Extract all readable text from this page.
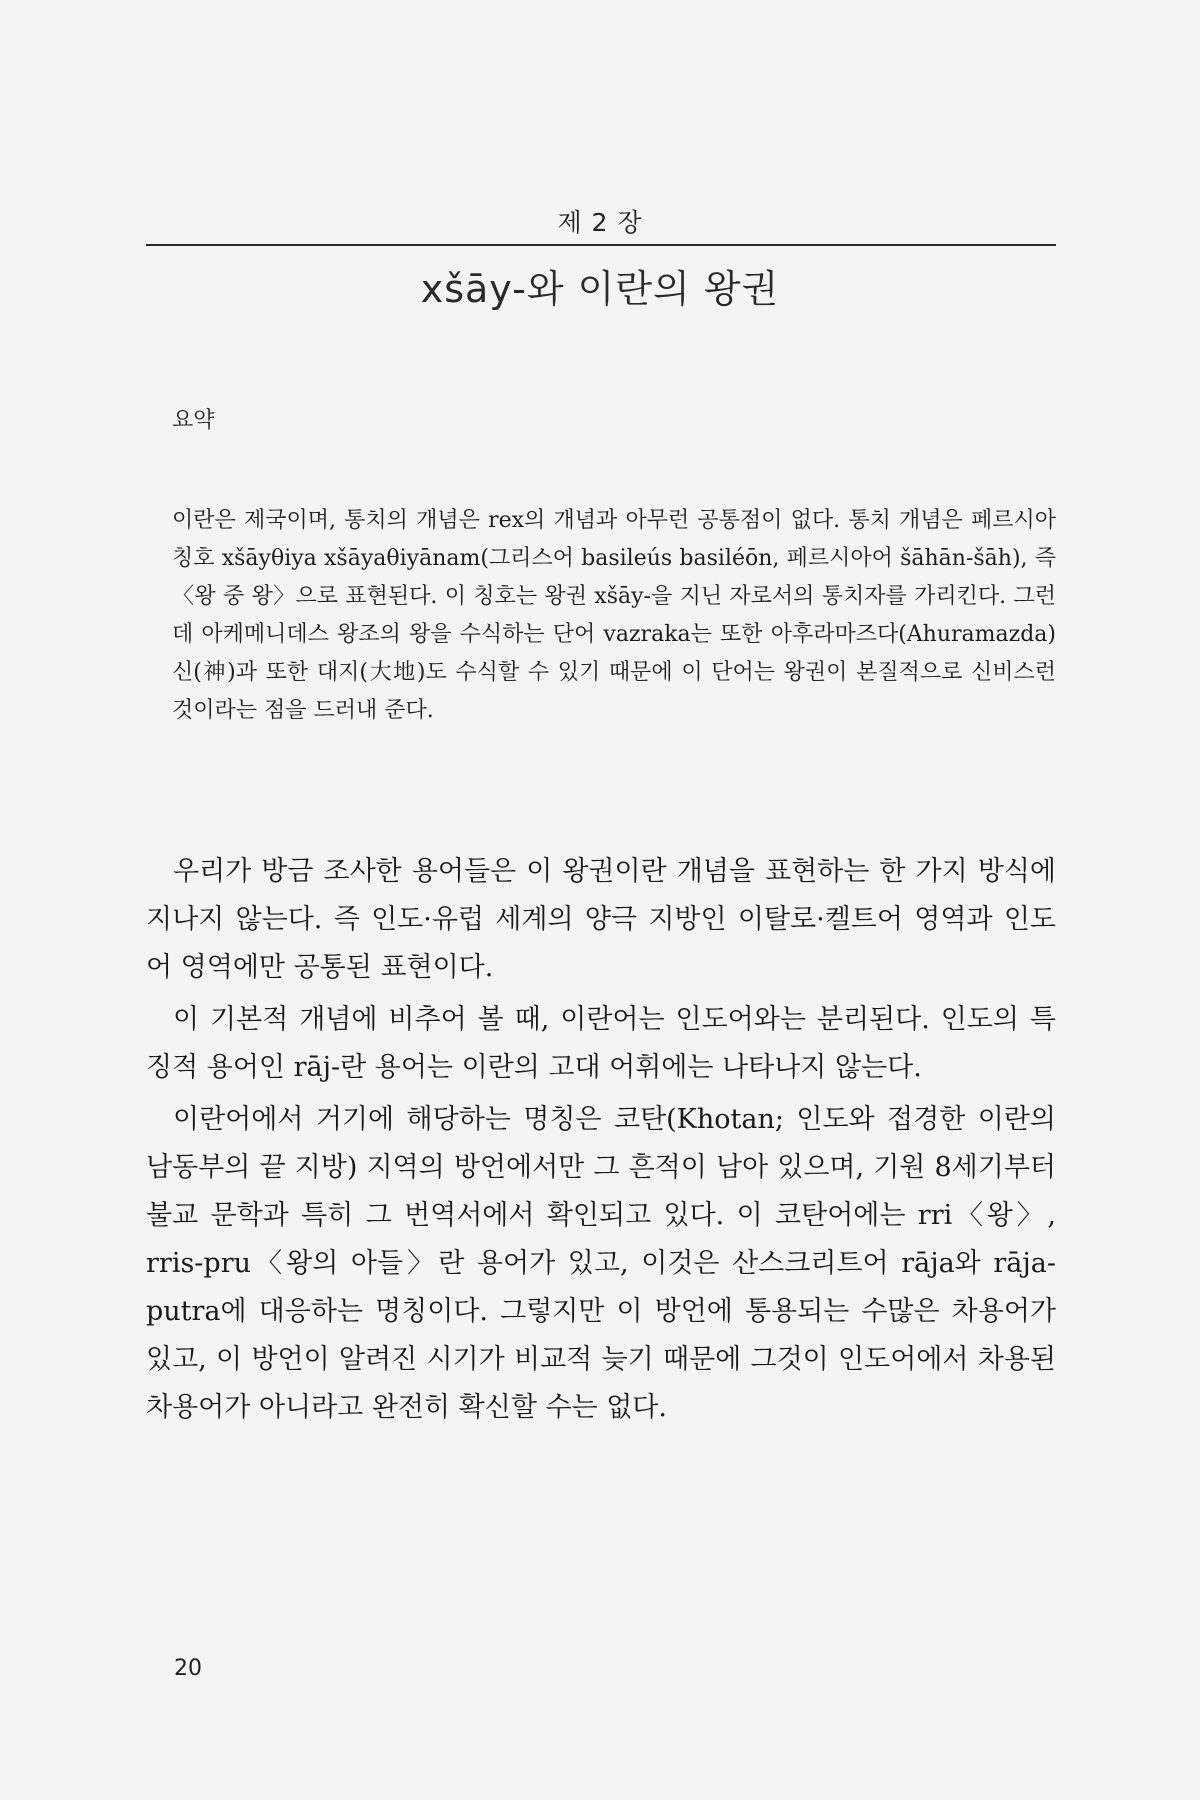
제 2 장
xšāy-와 이란의 왕권
요약
이란은 제국이며, 통치의 개념은 rex의 개념과 아무런 공통점이 없다. 통치 개념은 페르시아 칭호 xšāyθiya xšāyaθiyānam(그리스어 basileús basiléōn, 페르시아어 šāhān-šāh), 즉 〈왕 중 왕〉으로 표현된다. 이 칭호는 왕권 xšāy-을 지닌 자로서의 통치자를 가리킨다. 그런데 아케메니데스 왕조의 왕을 수식하는 단어 vazraka는 또한 아후라마즈다(Ahuramazda) 신(神)과 또한 대지(大地)도 수식할 수 있기 때문에 이 단어는 왕권이 본질적으로 신비스런 것이라는 점을 드러내 준다.

우리가 방금 조사한 용어들은 이 왕권이란 개념을 표현하는 한 가지 방식에 지나지 않는다. 즉 인도·유럽 세계의 양극 지방인 이탈로·켈트어 영역과 인도어 영역에만 공통된 표현이다.

이 기본적 개념에 비추어 볼 때, 이란어는 인도어와는 분리된다. 인도의 특징적 용어인 rāj-란 용어는 이란의 고대 어휘에는 나타나지 않는다.

이란어에서 거기에 해당하는 명칭은 코탄(Khotan; 인도와 접경한 이란의 남동부의 끝 지방) 지역의 방언에서만 그 흔적이 남아 있으며, 기원 8세기부터 불교 문학과 특히 그 번역서에서 확인되고 있다. 이 코탄어에는 rri〈왕〉, rris-pru〈왕의 아들〉란 용어가 있고, 이것은 산스크리트어 rāja와 rāja-putra에 대응하는 명칭이다. 그렇지만 이 방언에 통용되는 수많은 차용어가 있고, 이 방언이 알려진 시기가 비교적 늦기 때문에 그것이 인도어에서 차용된 차용어가 아니라고 완전히 확신할 수는 없다.

20
